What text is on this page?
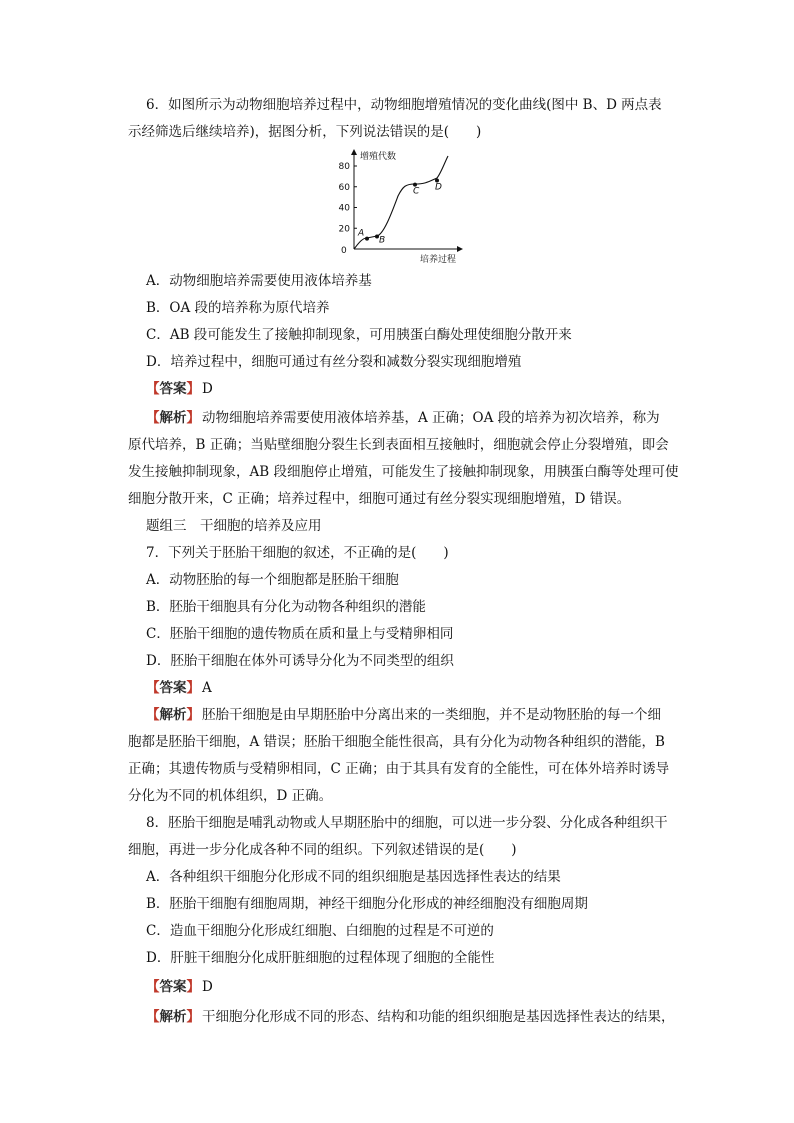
6．如图所示为动物细胞培养过程中，动物细胞增殖情况的变化曲线(图中 B、D 两点表
示经筛选后继续培养)，据图分析，下列说法错误的是(　　)
增殖代数
培养过程
0
20
40
60
80
A
B
C D
A．动物细胞培养需要使用液体培养基
B．OA 段的培养称为原代培养
C．AB 段可能发生了接触抑制现象，可用胰蛋白酶处理使细胞分散开来
D．培养过程中，细胞可通过有丝分裂和减数分裂实现细胞增殖
【答案】 D
【解析】 动物细胞培养需要使用液体培养基，A 正确；OA 段的培养为初次培养，称为
原代培养，B 正确；当贴壁细胞分裂生长到表面相互接触时，细胞就会停止分裂增殖，即会
发生接触抑制现象，AB 段细胞停止增殖，可能发生了接触抑制现象，用胰蛋白酶等处理可使
细胞分散开来，C 正确；培养过程中，细胞可通过有丝分裂实现细胞增殖，D 错误。
题组三　干细胞的培养及应用
7．下列关于胚胎干细胞的叙述，不正确的是(　　)
A．动物胚胎的每一个细胞都是胚胎干细胞
B．胚胎干细胞具有分化为动物各种组织的潜能
C．胚胎干细胞的遗传物质在质和量上与受精卵相同
D．胚胎干细胞在体外可诱导分化为不同类型的组织
【答案】 A
【解析】 胚胎干细胞是由早期胚胎中分离出来的一类细胞，并不是动物胚胎的每一个细
胞都是胚胎干细胞，A 错误；胚胎干细胞全能性很高，具有分化为动物各种组织的潜能，B
正确；其遗传物质与受精卵相同，C 正确；由于其具有发育的全能性，可在体外培养时诱导
分化为不同的机体组织，D 正确。
8．胚胎干细胞是哺乳动物或人早期胚胎中的细胞，可以进一步分裂、分化成各种组织干
细胞，再进一步分化成各种不同的组织。下列叙述错误的是(　　)
A．各种组织干细胞分化形成不同的组织细胞是基因选择性表达的结果
B．胚胎干细胞有细胞周期，神经干细胞分化形成的神经细胞没有细胞周期
C．造血干细胞分化形成红细胞、白细胞的过程是不可逆的
D．肝脏干细胞分化成肝脏细胞的过程体现了细胞的全能性
【答案】 D
【解析】 干细胞分化形成不同的形态、结构和功能的组织细胞是基因选择性表达的结果，
